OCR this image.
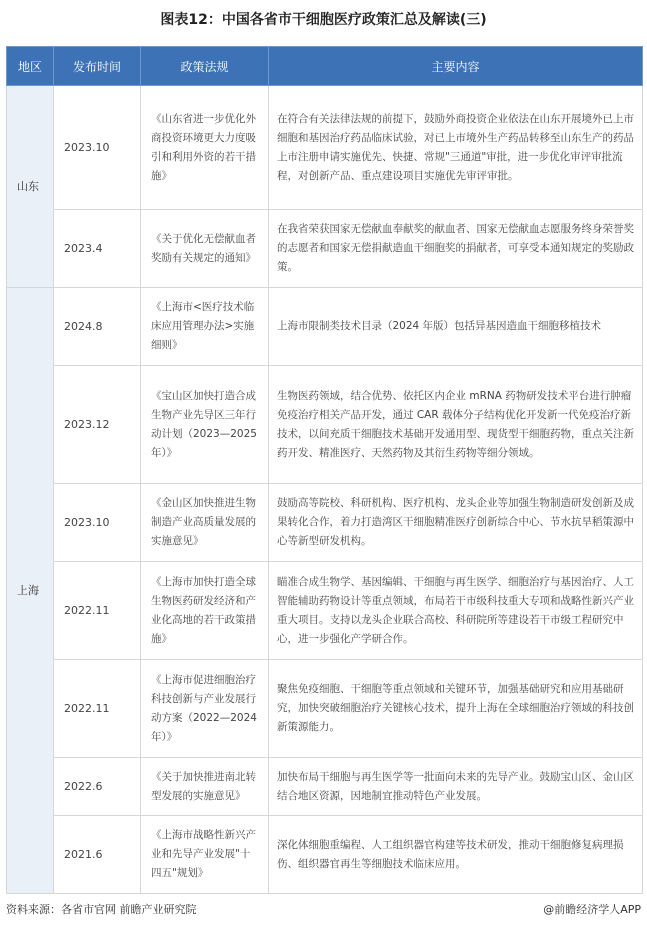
图表12：中国各省市干细胞医疗政策汇总及解读(三)
地区	发布时间	政策法规	主要内容
山东	2023.10	《山东省进一步优化外商投资环境更大力度吸引和利用外资的若干措施》	在符合有关法律法规的前提下，鼓励外商投资企业依法在山东开展境外已上市细胞和基因治疗药品临床试验，对已上市境外生产药品转移至山东生产的药品上市注册申请实施优先、快捷、常规"三通道"审批，进一步优化审评审批流程，对创新产品、重点建设项目实施优先审评审批。
	2023.4	《关于优化无偿献血者奖励有关规定的通知》	在我省荣获国家无偿献血奉献奖的献血者、国家无偿献血志愿服务终身荣誉奖的志愿者和国家无偿捐献造血干细胞奖的捐献者，可享受本通知规定的奖励政策。
上海	2024.8	《上海市<医疗技术临床应用管理办法>实施细则》	上海市限制类技术目录（2024 年版）包括异基因造血干细胞移植技术
	2023.12	《宝山区加快打造合成生物产业先导区三年行动计划（2023—2025年）》	生物医药领域，结合优势、依托区内企业 mRNA 药物研发技术平台进行肿瘤免疫治疗相关产品开发，通过 CAR 载体分子结构优化开发新一代免疫治疗新技术，以间充质干细胞技术基础开发通用型、现货型干细胞药物，重点关注新药开发、精准医疗、天然药物及其衍生药物等细分领域。
	2023.10	《金山区加快推进生物制造产业高质量发展的实施意见》	鼓励高等院校、科研机构、医疗机构、龙头企业等加强生物制造研发创新及成果转化合作，着力打造湾区干细胞精准医疗创新综合中心、节水抗旱稻策源中心等新型研发机构。
	2022.11	《上海市加快打造全球生物医药研发经济和产业化高地的若干政策措施》	瞄准合成生物学、基因编辑、干细胞与再生医学、细胞治疗与基因治疗、人工智能辅助药物设计等重点领域，布局若干市级科技重大专项和战略性新兴产业重大项目。支持以龙头企业联合高校、科研院所等建设若干市级工程研究中心，进一步强化产学研合作。
	2022.11	《上海市促进细胞治疗科技创新与产业发展行动方案（2022—2024年）》	聚焦免疫细胞、干细胞等重点领域和关键环节，加强基础研究和应用基础研究，加快突破细胞治疗关键核心技术，提升上海在全球细胞治疗领域的科技创新策源能力。
	2022.6	《关于加快推进南北转型发展的实施意见》	加快布局干细胞与再生医学等一批面向未来的先导产业。鼓励宝山区、金山区结合地区资源，因地制宜推动特色产业发展。
	2021.6	《上海市战略性新兴产业和先导产业发展"十四五"规划》	深化体细胞重编程、人工组织器官构建等技术研发，推动干细胞修复病理损伤、组织器官再生等细胞技术临床应用。
资料来源：各省市官网 前瞻产业研究院	@前瞻经济学人APP
